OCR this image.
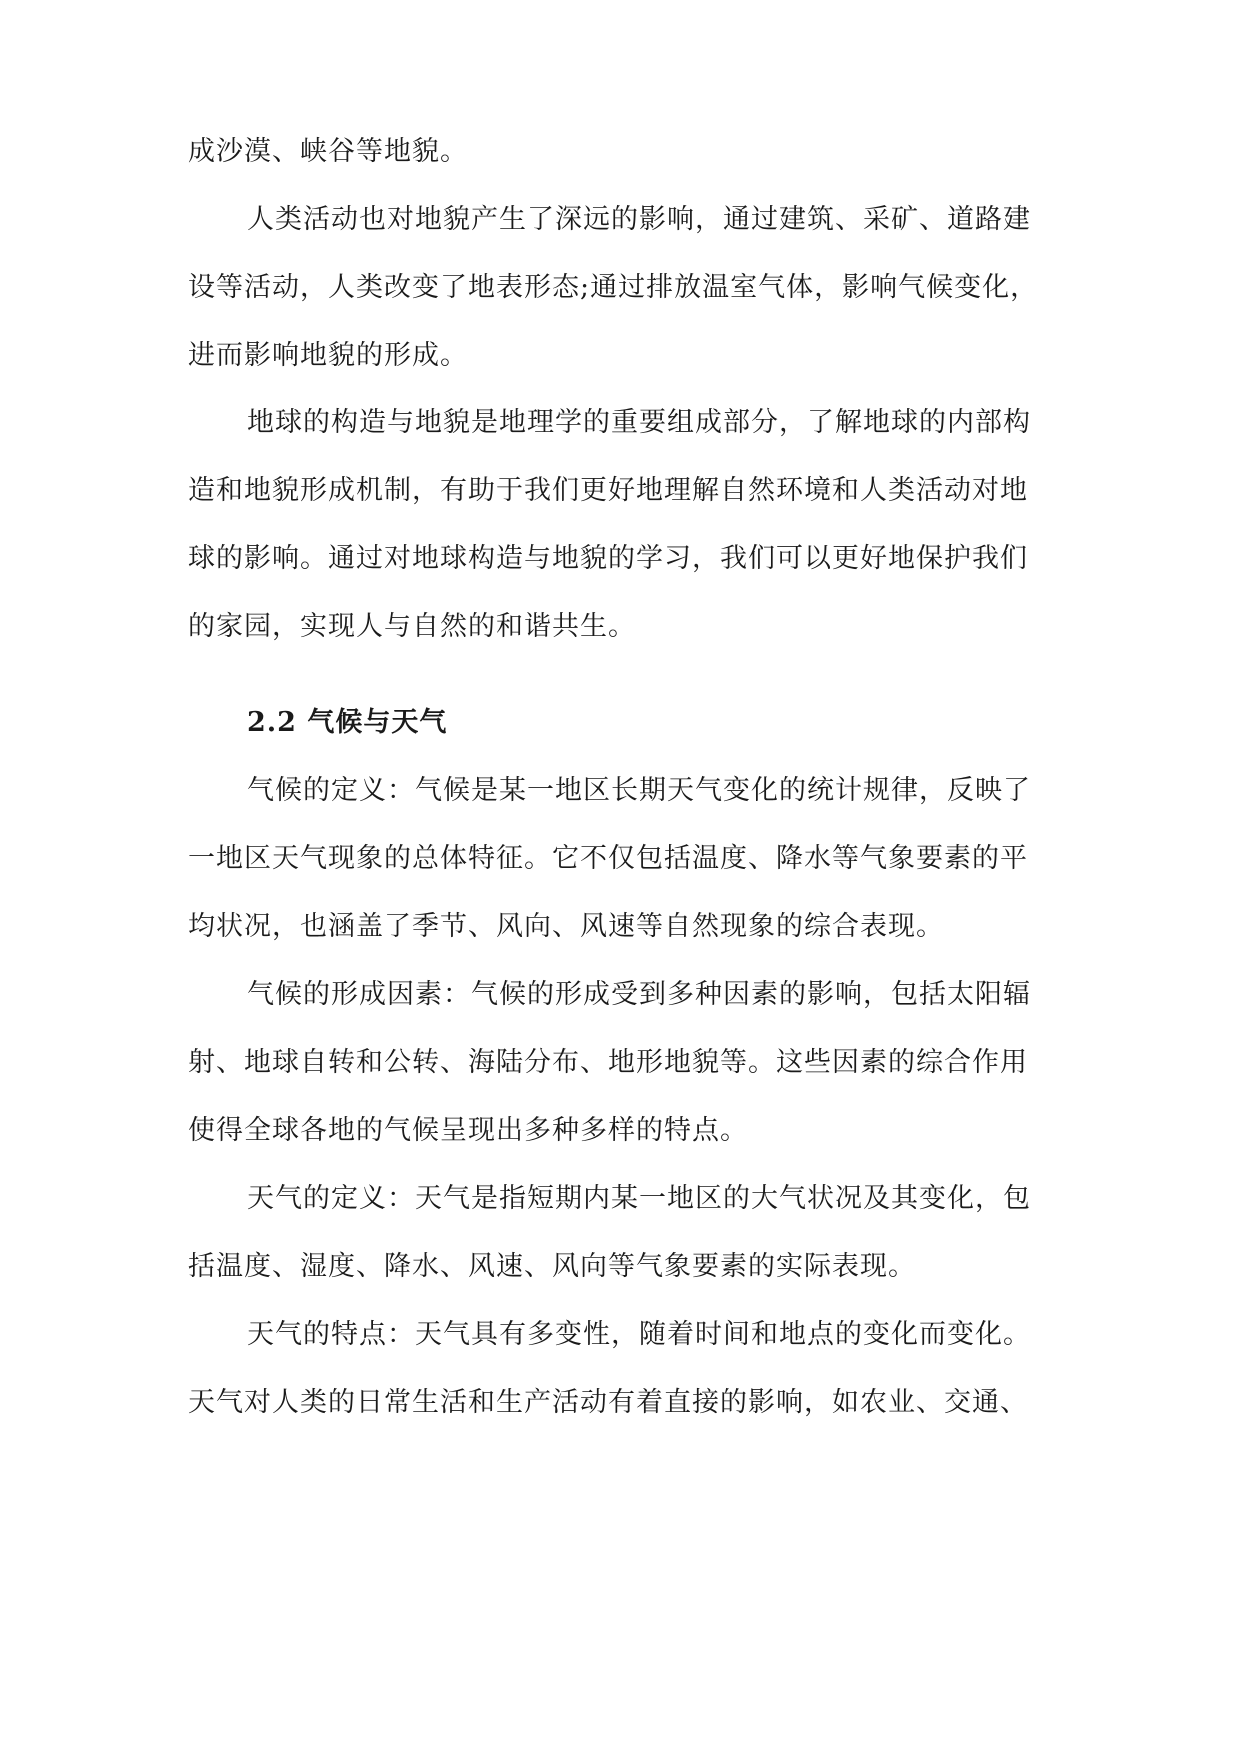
成沙漠、峡谷等地貌。
人类活动也对地貌产生了深远的影响，通过建筑、采矿、道路建
设等活动，人类改变了地表形态;通过排放温室气体，影响气候变化，
进而影响地貌的形成。
地球的构造与地貌是地理学的重要组成部分，了解地球的内部构
造和地貌形成机制，有助于我们更好地理解自然环境和人类活动对地
球的影响。通过对地球构造与地貌的学习，我们可以更好地保护我们
的家园，实现人与自然的和谐共生。
2.2 气候与天气
气候的定义：气候是某一地区长期天气变化的统计规律，反映了
一地区天气现象的总体特征。它不仅包括温度、降水等气象要素的平
均状况，也涵盖了季节、风向、风速等自然现象的综合表现。
气候的形成因素：气候的形成受到多种因素的影响，包括太阳辐
射、地球自转和公转、海陆分布、地形地貌等。这些因素的综合作用
使得全球各地的气候呈现出多种多样的特点。
天气的定义：天气是指短期内某一地区的大气状况及其变化，包
括温度、湿度、降水、风速、风向等气象要素的实际表现。
天气的特点：天气具有多变性，随着时间和地点的变化而变化。
天气对人类的日常生活和生产活动有着直接的影响，如农业、交通、
